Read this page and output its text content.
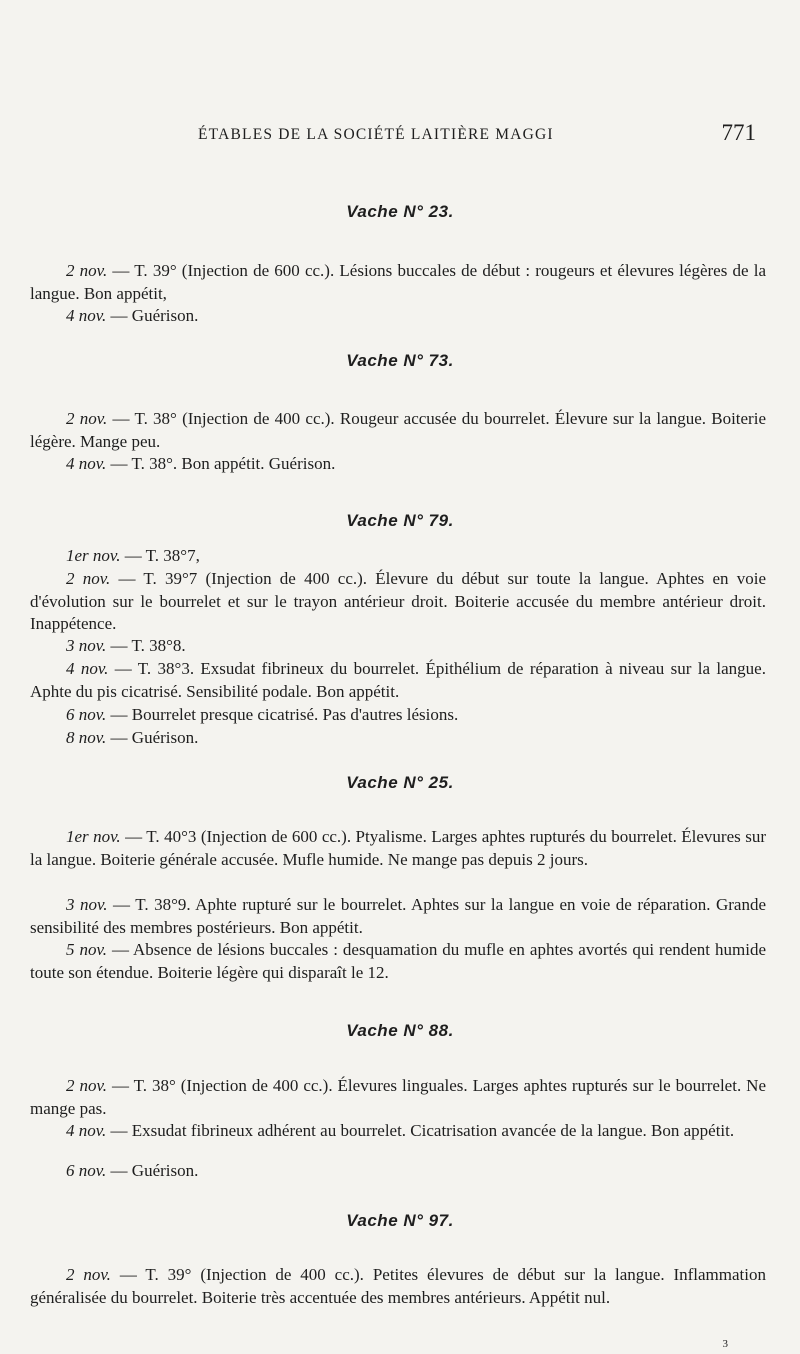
ÉTABLES DE LA SOCIÉTÉ LAITIÈRE MAGGI	771
Vache N° 23.

2 nov. — T. 39° (Injection de 600 cc.). Lésions buccales de début : rougeurs et élevures légères de la langue. Bon appétit,

4 nov. — Guérison.

Vache N° 73.

2 nov. — T. 38° (Injection de 400 cc.). Rougeur accusée du bourrelet. Élevure sur la langue. Boiterie légère. Mange peu.

4 nov. — T. 38°. Bon appétit. Guérison.

Vache N° 79.

1er nov. — T. 38°7,

2 nov. — T. 39°7 (Injection de 400 cc.). Élevure du début sur toute la langue. Aphtes en voie d'évolution sur le bourrelet et sur le trayon antérieur droit. Boiterie accusée du membre antérieur droit. Inappétence.

3 nov. — T. 38°8.

4 nov. — T. 38°3. Exsudat fibrineux du bourrelet. Épithélium de réparation à niveau sur la langue. Aphte du pis cicatrisé. Sensibilité podale. Bon appétit.

6 nov. — Bourrelet presque cicatrisé. Pas d'autres lésions.

8 nov. — Guérison.

Vache N° 25.

1er nov. — T. 40°3 (Injection de 600 cc.). Ptyalisme. Larges aphtes rupturés du bourrelet. Élevures sur la langue. Boiterie générale accusée. Mufle humide. Ne mange pas depuis 2 jours.

3 nov. — T. 38°9. Aphte rupturé sur le bourrelet. Aphtes sur la langue en voie de réparation. Grande sensibilité des membres postérieurs. Bon appétit.

5 nov. — Absence de lésions buccales : desquamation du mufle en aphtes avortés qui rendent humide toute son étendue. Boiterie légère qui disparaît le 12.

Vache N° 88.

2 nov. — T. 38° (Injection de 400 cc.). Élevures linguales. Larges aphtes rupturés sur le bourrelet. Ne mange pas.

4 nov. — Exsudat fibrineux adhérent au bourrelet. Cicatrisation avancée de la langue. Bon appétit.

6 nov. — Guérison.

Vache N° 97.

2 nov. — T. 39° (Injection de 400 cc.). Petites élevures de début sur la langue. Inflammation généralisée du bourrelet. Boiterie très accentuée des membres antérieurs. Appétit nul.

3
